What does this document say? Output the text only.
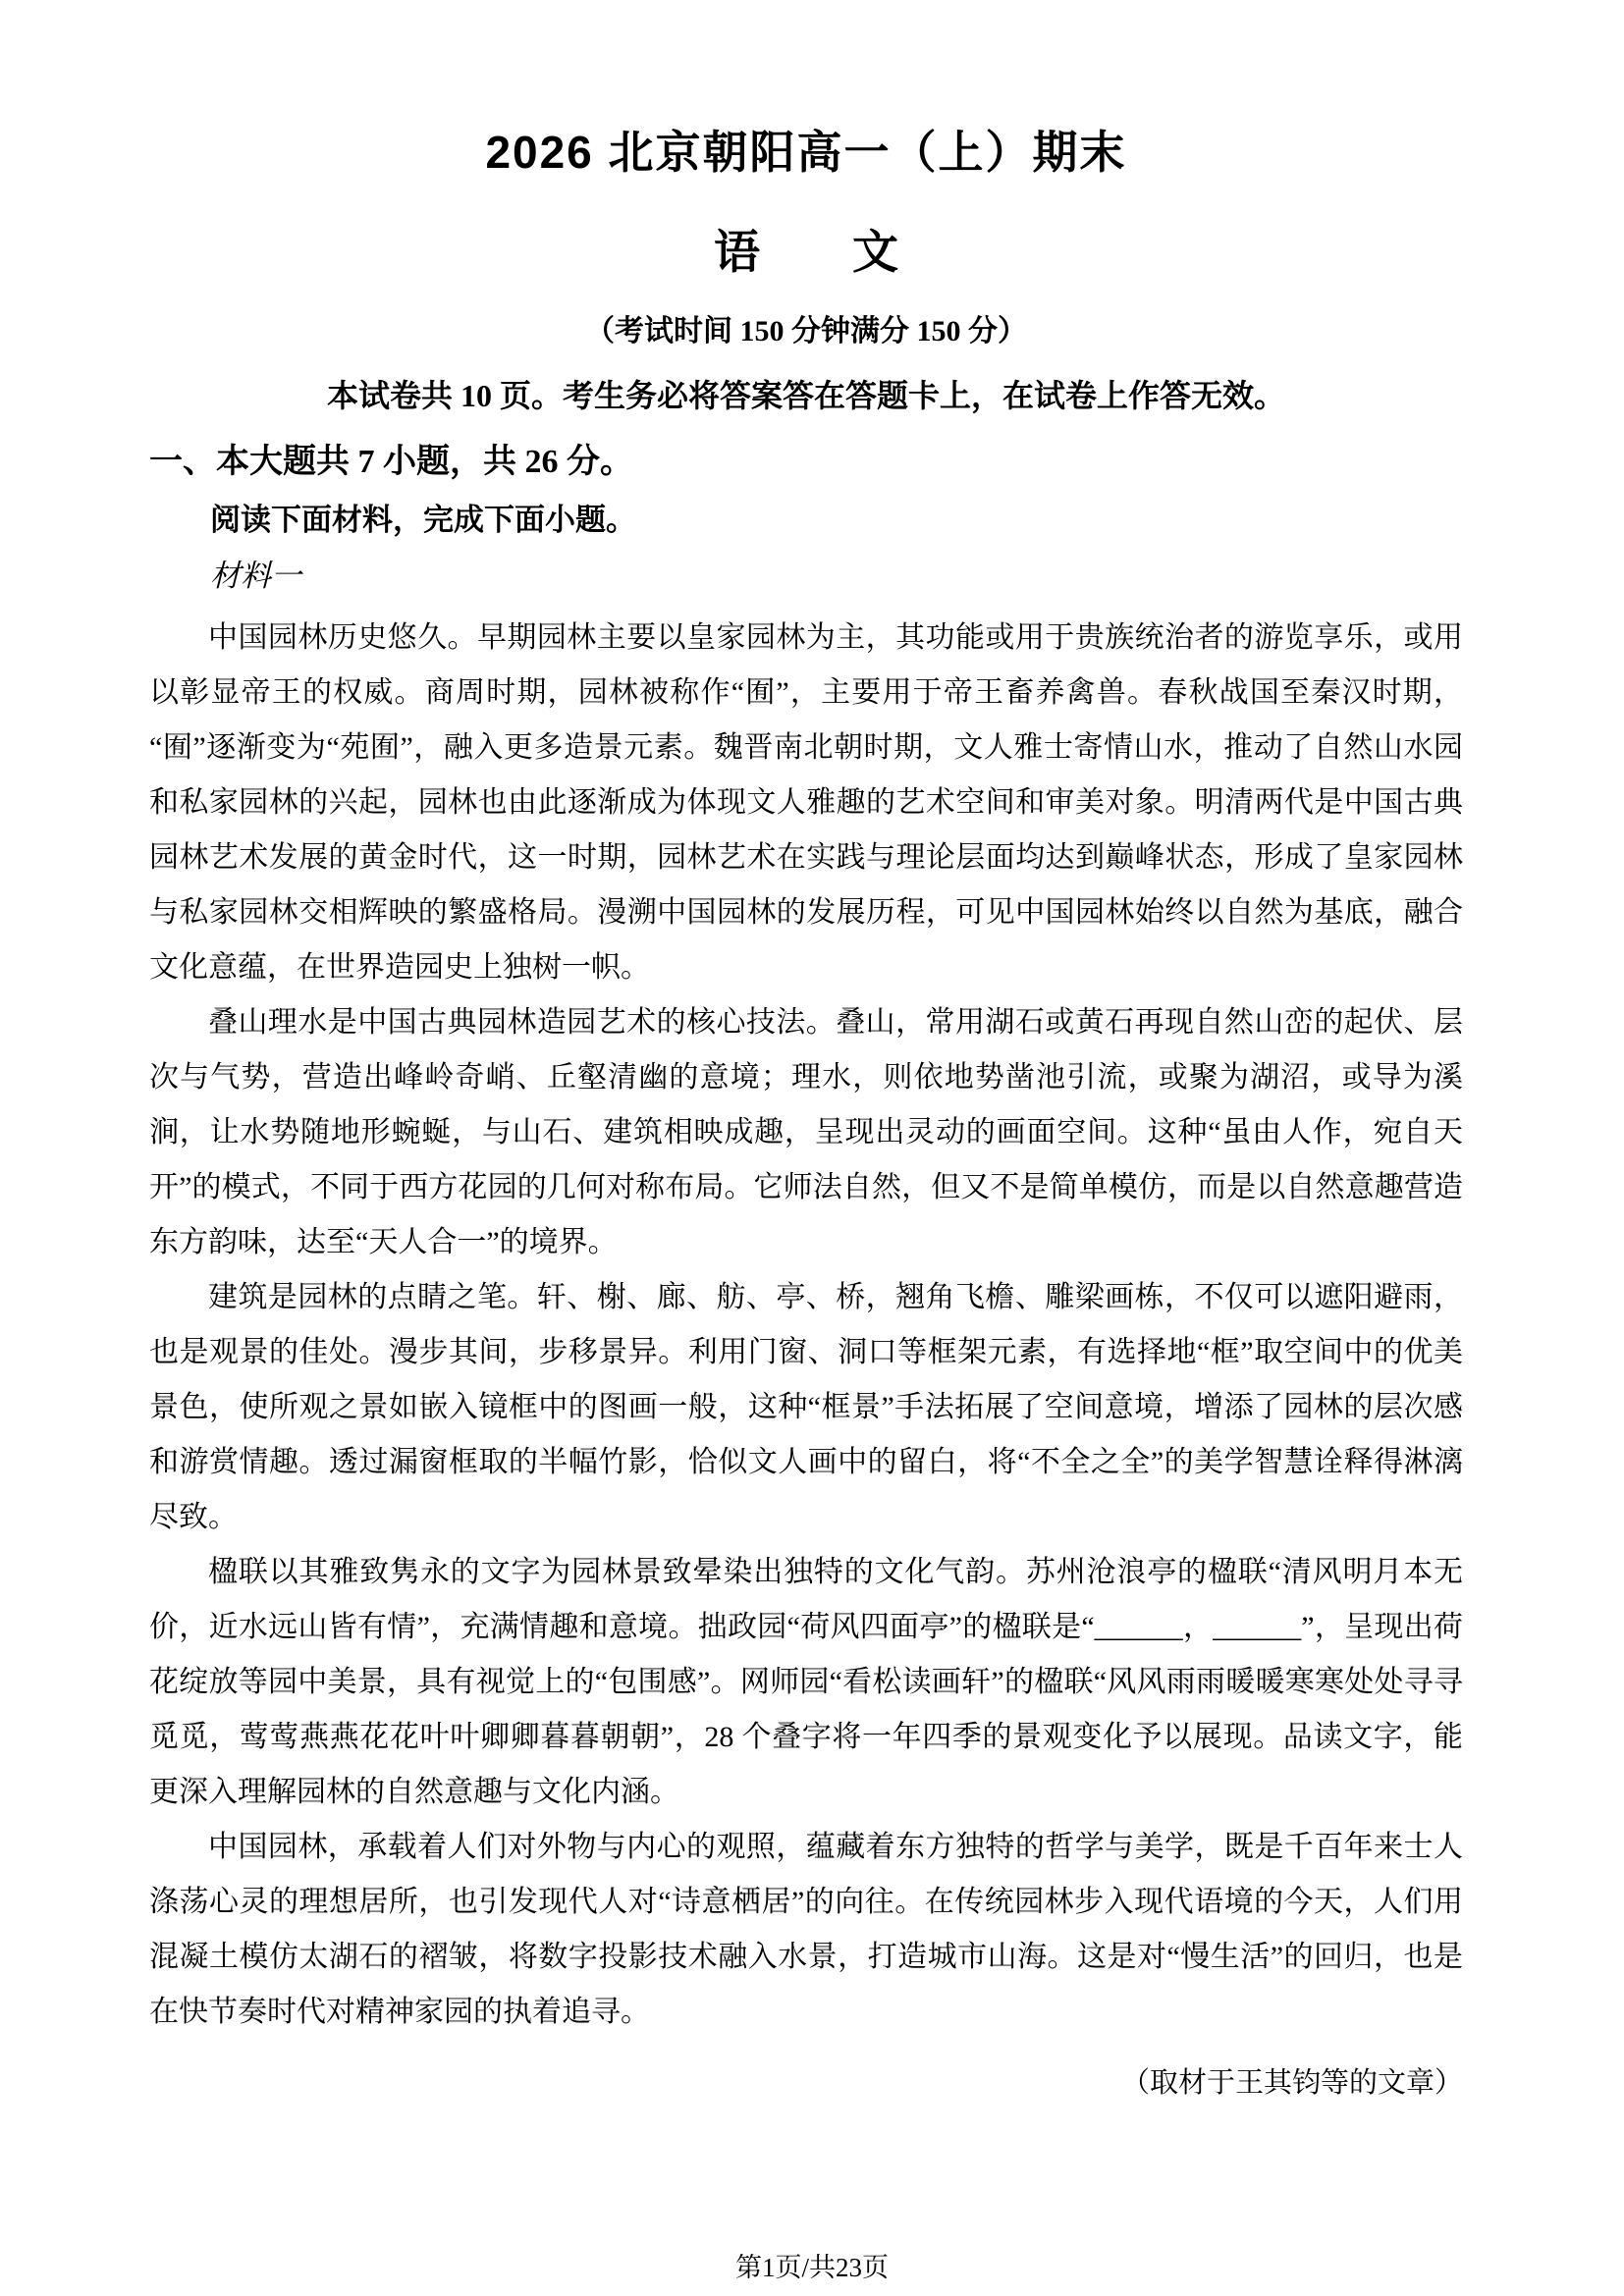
2026 北京朝阳高一（上）期末
语　　文
（考试时间 150 分钟满分 150 分）
本试卷共 10 页。考生务必将答案答在答题卡上，在试卷上作答无效。
一、本大题共 7 小题，共 26 分。
阅读下面材料，完成下面小题。
材料一

中国园林历史悠久。早期园林主要以皇家园林为主，其功能或用于贵族统治者的游览享乐，或用以彰显帝王的权威。商周时期，园林被称作“囿”，主要用于帝王畜养禽兽。春秋战国至秦汉时期，“囿”逐渐变为“苑囿”，融入更多造景元素。魏晋南北朝时期，文人雅士寄情山水，推动了自然山水园和私家园林的兴起，园林也由此逐渐成为体现文人雅趣的艺术空间和审美对象。明清两代是中国古典园林艺术发展的黄金时代，这一时期，园林艺术在实践与理论层面均达到巅峰状态，形成了皇家园林与私家园林交相辉映的繁盛格局。漫溯中国园林的发展历程，可见中国园林始终以自然为基底，融合文化意蕴，在世界造园史上独树一帜。

叠山理水是中国古典园林造园艺术的核心技法。叠山，常用湖石或黄石再现自然山峦的起伏、层次与气势，营造出峰岭奇峭、丘壑清幽的意境；理水，则依地势凿池引流，或聚为湖沼，或导为溪涧，让水势随地形蜿蜒，与山石、建筑相映成趣，呈现出灵动的画面空间。这种“虽由人作，宛自天开”的模式，不同于西方花园的几何对称布局。它师法自然，但又不是简单模仿，而是以自然意趣营造东方韵味，达至“天人合一”的境界。

建筑是园林的点睛之笔。轩、榭、廊、舫、亭、桥，翘角飞檐、雕梁画栋，不仅可以遮阳避雨，也是观景的佳处。漫步其间，步移景异。利用门窗、洞口等框架元素，有选择地“框”取空间中的优美景色，使所观之景如嵌入镜框中的图画一般，这种“框景”手法拓展了空间意境，增添了园林的层次感和游赏情趣。透过漏窗框取的半幅竹影，恰似文人画中的留白，将“不全之全”的美学智慧诠释得淋漓尽致。

楹联以其雅致隽永的文字为园林景致晕染出独特的文化气韵。苏州沧浪亭的楹联“清风明月本无价，近水远山皆有情”，充满情趣和意境。拙政园“荷风四面亭”的楹联是“______，______”，呈现出荷花绽放等园中美景，具有视觉上的“包围感”。网师园“看松读画轩”的楹联“风风雨雨暖暖寒寒处处寻寻觅觅，莺莺燕燕花花叶叶卿卿暮暮朝朝”，28 个叠字将一年四季的景观变化予以展现。品读文字，能更深入理解园林的自然意趣与文化内涵。

中国园林，承载着人们对外物与内心的观照，蕴藏着东方独特的哲学与美学，既是千百年来士人涤荡心灵的理想居所，也引发现代人对“诗意栖居”的向往。在传统园林步入现代语境的今天，人们用混凝土模仿太湖石的褶皱，将数字投影技术融入水景，打造城市山海。这是对“慢生活”的回归，也是在快节奏时代对精神家园的执着追寻。

（取材于王其钧等的文章）
第1页/共23页
